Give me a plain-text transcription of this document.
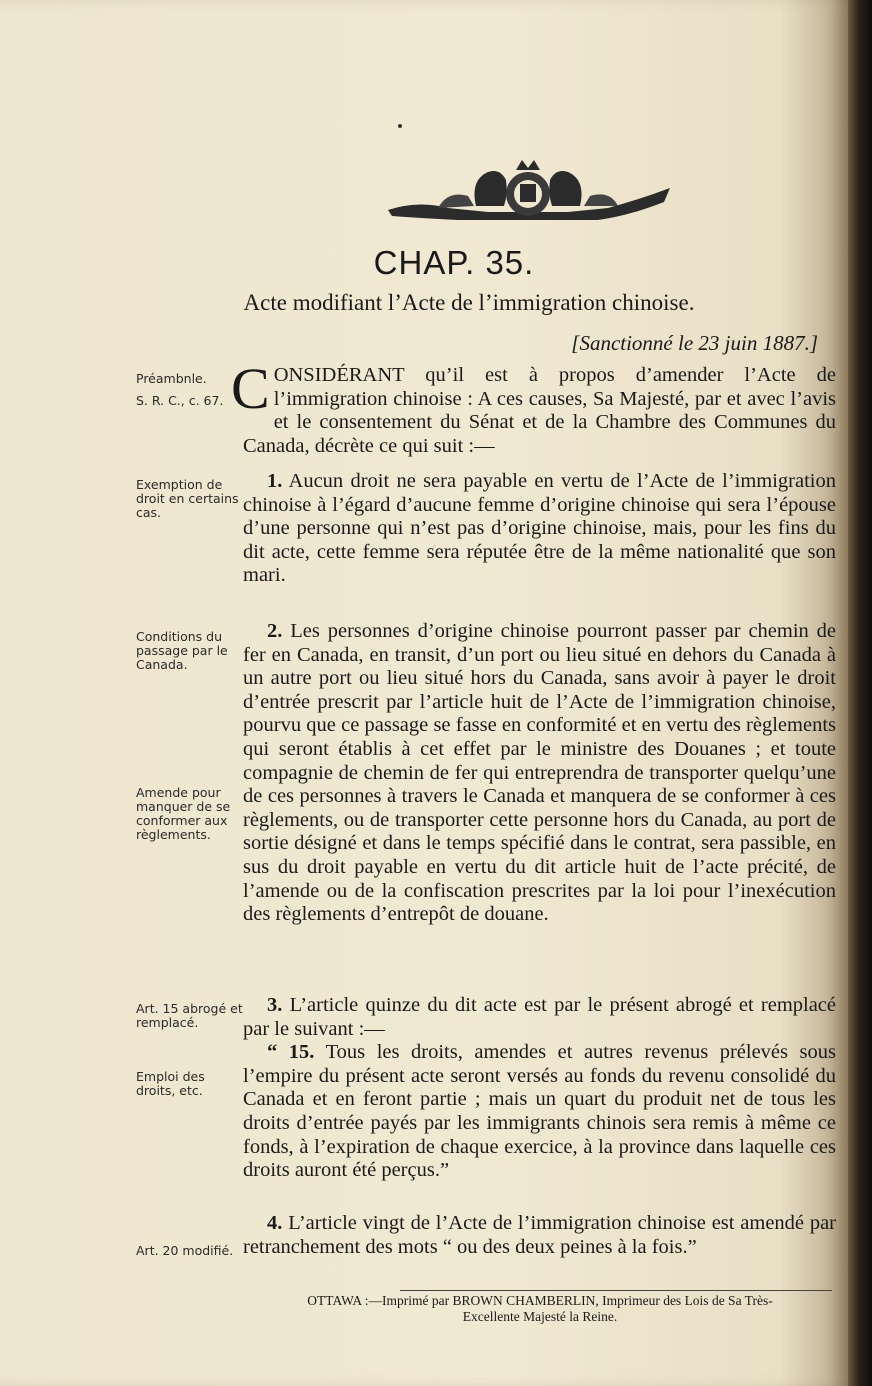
CHAP. 35.
Acte modifiant l’Acte de l’immigration chinoise.
[Sanctionné le 23 juin 1887.]
Préambnle.
S. R. C., c. 67.
Exemption de droit en certains cas.
Conditions du passage par le Canada.
Amende pour manquer de se conformer aux règlements.
Art. 15 abrogé et remplacé.
Emploi des droits, etc.
Art. 20 modifié.

CONSIDÉRANT qu’il est à propos d’amender l’Acte de l’immigration chinoise : A ces causes, Sa Majesté, par et avec l’avis et le consentement du Sénat et de la Chambre des Communes du Canada, décrète ce qui suit :—

1. Aucun droit ne sera payable en vertu de l’Acte de l’immigration chinoise à l’égard d’aucune femme d’origine chinoise qui sera l’épouse d’une personne qui n’est pas d’origine chinoise, mais, pour les fins du dit acte, cette femme sera réputée être de la même nationalité que son mari.

2. Les personnes d’origine chinoise pourront passer par chemin de fer en Canada, en transit, d’un port ou lieu situé en dehors du Canada à un autre port ou lieu situé hors du Canada, sans avoir à payer le droit d’entrée prescrit par l’article huit de l’Acte de l’immigration chinoise, pourvu que ce passage se fasse en conformité et en vertu des règlements qui seront établis à cet effet par le ministre des Douanes ; et toute compagnie de chemin de fer qui entreprendra de transporter quelqu’une de ces personnes à travers le Canada et manquera de se conformer à ces règlements, ou de transporter cette personne hors du Canada, au port de sortie désigné et dans le temps spécifié dans le contrat, sera passible, en sus du droit payable en vertu du dit article huit de l’acte précité, de l’amende ou de la confiscation prescrites par la loi pour l’inexécution des règlements d’entrepôt de douane.

3. L’article quinze du dit acte est par le présent abrogé et remplacé par le suivant :—

“ 15. Tous les droits, amendes et autres revenus prélevés sous l’empire du présent acte seront versés au fonds du revenu consolidé du Canada et en feront partie ; mais un quart du produit net de tous les droits d’entrée payés par les immigrants chinois sera remis à même ce fonds, à l’expiration de chaque exercice, à la province dans laquelle ces droits auront été perçus.”

4. L’article vingt de l’Acte de l’immigration chinoise est amendé par retranchement des mots “ ou des deux peines à la fois.”

OTTAWA :—Imprimé par BROWN CHAMBERLIN, Imprimeur des Lois de Sa Très-
Excellente Majesté la Reine.
